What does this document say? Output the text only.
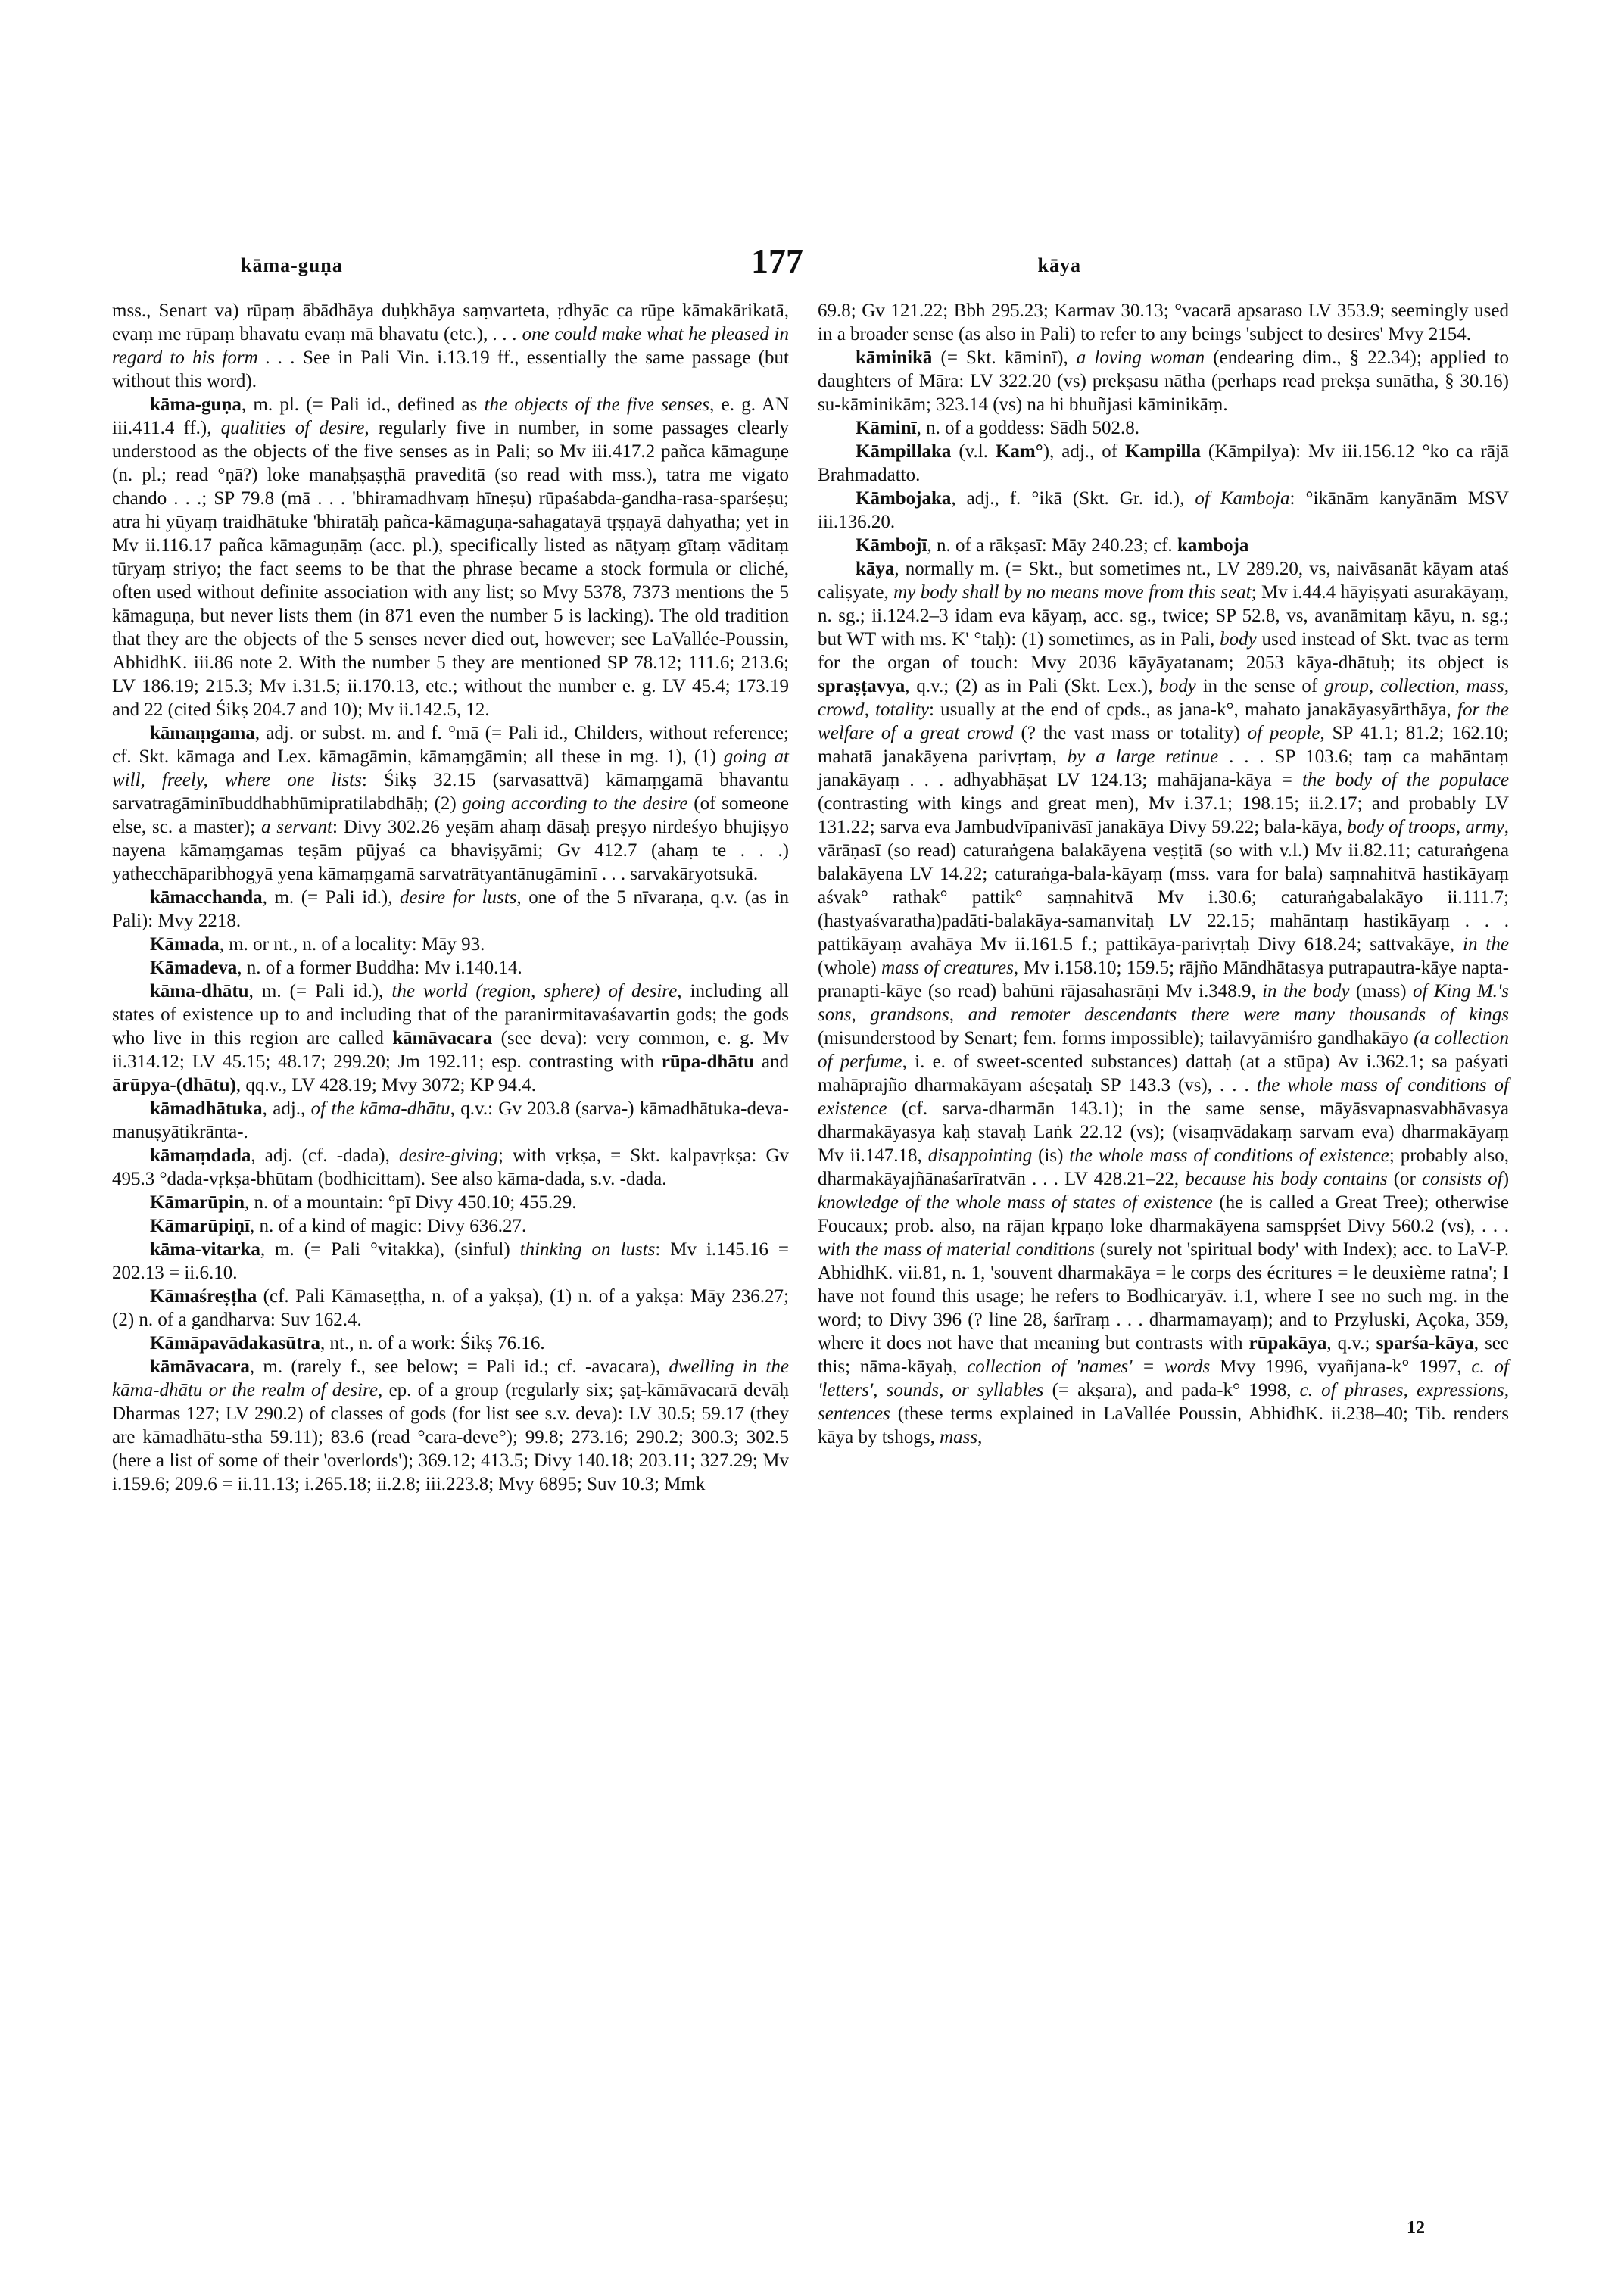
kāma-guṇa	177	kāya

mss., Senart va) rūpaṃ ābādhāya duḥkhāya saṃvarteta, ṛdhyāc ca rūpe kāmakārikatā, evaṃ me rūpaṃ bhavatu evaṃ mā bhavatu (etc.), . . . one could make what he pleased in regard to his form . . . See in Pali Vin. i.13.19 ff., essentially the same passage (but without this word).

kāma-guṇa, m. pl. (= Pali id., defined as the objects of the five senses, e. g. AN iii.411.4 ff.), qualities of desire, regularly five in number, in some passages clearly understood as the objects of the five senses as in Pali; so Mv iii.417.2 pañca kāmaguṇe (n. pl.; read °ṇā?) loke manaḥṣaṣṭhā praveditā (so read with mss.), tatra me vigato chando . . .; SP 79.8 (mā . . . 'bhiramadhvaṃ hīneṣu) rūpaśabda-gandha-rasa-sparśeṣu; atra hi yūyaṃ traidhātuke 'bhiratāḥ pañca-kāmaguṇa-sahagatayā tṛṣṇayā dahyatha; yet in Mv ii.116.17 pañca kāmaguṇāṃ (acc. pl.), specifically listed as nāṭyaṃ gītaṃ vāditaṃ tūryaṃ striyo; the fact seems to be that the phrase became a stock formula or cliché, often used without definite association with any list; so Mvy 5378, 7373 mentions the 5 kāmaguṇa, but never lists them (in 871 even the number 5 is lacking). The old tradition that they are the objects of the 5 senses never died out, however; see LaVallée-Poussin, AbhidhK. iii.86 note 2. With the number 5 they are mentioned SP 78.12; 111.6; 213.6; LV 186.19; 215.3; Mv i.31.5; ii.170.13, etc.; without the number e. g. LV 45.4; 173.19 and 22 (cited Śikṣ 204.7 and 10); Mv ii.142.5, 12.

kāmaṃgama, adj. or subst. m. and f. °mā (= Pali id., Childers, without reference; cf. Skt. kāmaga and Lex. kāmagāmin, kāmaṃgāmin; all these in mg. 1), (1) going at will, freely, where one lists: Śikṣ 32.15 (sarvasattvā) kāmaṃgamā bhavantu sarvatragāminībuddhabhūmipratilabdhāḥ; (2) going according to the desire (of someone else, sc. a master); a servant: Divy 302.26 yeṣām ahaṃ dāsaḥ preṣyo nirdeśyo bhujiṣyo nayena kāmaṃgamas teṣām pūjyaś ca bhaviṣyāmi; Gv 412.7 (ahaṃ te . . .) yathecchāparibhogyā yena kāmaṃgamā sarvatrātyantānugāminī . . . sarvakāryotsukā.

kāmacchanda, m. (= Pali id.), desire for lusts, one of the 5 nīvaraṇa, q.v. (as in Pali): Mvy 2218.

Kāmada, m. or nt., n. of a locality: Māy 93.

Kāmadeva, n. of a former Buddha: Mv i.140.14.

kāma-dhātu, m. (= Pali id.), the world (region, sphere) of desire, including all states of existence up to and including that of the paranirmitavaśavartin gods; the gods who live in this region are called kāmāvacara (see deva): very common, e. g. Mv ii.314.12; LV 45.15; 48.17; 299.20; Jm 192.11; esp. contrasting with rūpa-dhātu and ārūpya-(dhātu), qq.v., LV 428.19; Mvy 3072; KP 94.4.

kāmadhātuka, adj., of the kāma-dhātu, q.v.: Gv 203.8 (sarva-) kāmadhātuka-deva-manuṣyātikrānta-.

kāmaṃdada, adj. (cf. -dada), desire-giving; with vṛkṣa, = Skt. kalpavṛkṣa: Gv 495.3 °dada-vṛkṣa-bhūtam (bodhicittam). See also kāma-dada, s.v. -dada.

Kāmarūpin, n. of a mountain: °pī Divy 450.10; 455.29.

Kāmarūpiṇī, n. of a kind of magic: Divy 636.27.

kāma-vitarka, m. (= Pali °vitakka), (sinful) thinking on lusts: Mv i.145.16 = 202.13 = ii.6.10.

Kāmaśreṣṭha (cf. Pali Kāmaseṭṭha, n. of a yakṣa), (1) n. of a yakṣa: Māy 236.27; (2) n. of a gandharva: Suv 162.4.

Kāmāpavādakasūtra, nt., n. of a work: Śikṣ 76.16.

kāmāvacara, m. (rarely f., see below; = Pali id.; cf. -avacara), dwelling in the kāma-dhātu or the realm of desire, ep. of a group (regularly six; ṣaṭ-kāmāvacarā devāḥ Dharmas 127; LV 290.2) of classes of gods (for list see s.v. deva): LV 30.5; 59.17 (they are kāmadhātu-stha 59.11); 83.6 (read °cara-deve°); 99.8; 273.16; 290.2; 300.3; 302.5 (here a list of some of their 'overlords'); 369.12; 413.5; Divy 140.18; 203.11; 327.29; Mv i.159.6; 209.6 = ii.11.13; i.265.18; ii.2.8; iii.223.8; Mvy 6895; Suv 10.3; Mmk

69.8; Gv 121.22; Bbh 295.23; Karmav 30.13; °vacarā apsaraso LV 353.9; seemingly used in a broader sense (as also in Pali) to refer to any beings 'subject to desires' Mvy 2154.

kāminikā (= Skt. kāminī), a loving woman (endearing dim., § 22.34); applied to daughters of Māra: LV 322.20 (vs) prekṣasu nātha (perhaps read prekṣa sunātha, § 30.16) su-kāminikām; 323.14 (vs) na hi bhuñjasi kāminikāṃ.

Kāminī, n. of a goddess: Sādh 502.8.

Kāmpillaka (v.l. Kam°), adj., of Kampilla (Kāmpilya): Mv iii.156.12 °ko ca rājā Brahmadatto.

Kāmbojaka, adj., f. °ikā (Skt. Gr. id.), of Kamboja: °ikānām kanyānām MSV iii.136.20.

Kāmbojī, n. of a rākṣasī: Māy 240.23; cf. kamboja

kāya, normally m. (= Skt., but sometimes nt., LV 289.20, vs, naivāsanāt kāyam ataś caliṣyate, my body shall by no means move from this seat; Mv i.44.4 hāyiṣyati asurakāyaṃ, n. sg.; ii.124.2–3 idam eva kāyaṃ, acc. sg., twice; SP 52.8, vs, avanāmitaṃ kāyu, n. sg.; but WT with ms. K' °taḥ): (1) sometimes, as in Pali, body used instead of Skt. tvac as term for the organ of touch: Mvy 2036 kāyāyatanam; 2053 kāya-dhātuḥ; its object is spraṣṭavya, q.v.; (2) as in Pali (Skt. Lex.), body in the sense of group, collection, mass, crowd, totality: usually at the end of cpds., as jana-k°, mahato janakāyasyārthāya, for the welfare of a great crowd (? the vast mass or totality) of people, SP 41.1; 81.2; 162.10; mahatā janakāyena parivṛtaṃ, by a large retinue . . . SP 103.6; taṃ ca mahāntaṃ janakāyaṃ . . . adhyabhāṣat LV 124.13; mahājana-kāya = the body of the populace (contrasting with kings and great men), Mv i.37.1; 198.15; ii.2.17; and probably LV 131.22; sarva eva Jambudvīpanivāsī janakāya Divy 59.22; bala-kāya, body of troops, army, vārāṇasī (so read) caturaṅgena balakāyena veṣṭitā (so with v.l.) Mv ii.82.11; caturaṅgena balakāyena LV 14.22; caturaṅga-bala-kāyaṃ (mss. vara for bala) saṃnahitvā hastikāyaṃ aśvak° rathak° pattik° saṃnahitvā Mv i.30.6; caturaṅgabalakāyo ii.111.7; (hastyaśvaratha)padāti-balakāya-samanvitaḥ LV 22.15; mahāntaṃ hastikāyaṃ . . . pattikāyaṃ avahāya Mv ii.161.5 f.; pattikāya-parivṛtaḥ Divy 618.24; sattvakāye, in the (whole) mass of creatures, Mv i.158.10; 159.5; rājño Māndhātasya putrapautra-kāye napta-pranapti-kāye (so read) bahūni rājasahasrāṇi Mv i.348.9, in the body (mass) of King M.'s sons, grandsons, and remoter descendants there were many thousands of kings (misunderstood by Senart; fem. forms impossible); tailavyāmiśro gandhakāyo (a collection of perfume, i. e. of sweet-scented substances) dattaḥ (at a stūpa) Av i.362.1; sa paśyati mahāprajño dharmakāyam aśeṣataḥ SP 143.3 (vs), . . . the whole mass of conditions of existence (cf. sarva-dharmān 143.1); in the same sense, māyāsvapnasvabhāvasya dharmakāyasya kaḥ stavaḥ Laṅk 22.12 (vs); (visaṃvādakaṃ sarvam eva) dharmakāyaṃ Mv ii.147.18, disappointing (is) the whole mass of conditions of existence; probably also, dharmakāyajñānaśarīratvān . . . LV 428.21–22, because his body contains (or consists of) knowledge of the whole mass of states of existence (he is called a Great Tree); otherwise Foucaux; prob. also, na rājan kṛpaṇo loke dharmakāyena samspṛśet Divy 560.2 (vs), . . . with the mass of material conditions (surely not 'spiritual body' with Index); acc. to LaV-P. AbhidhK. vii.81, n. 1, 'souvent dharmakāya = le corps des écritures = le deuxième ratna'; I have not found this usage; he refers to Bodhicaryāv. i.1, where I see no such mg. in the word; to Divy 396 (? line 28, śarīraṃ . . . dharmamayaṃ); and to Przyluski, Açoka, 359, where it does not have that meaning but contrasts with rūpakāya, q.v.; sparśa-kāya, see this; nāma-kāyaḥ, collection of 'names' = words Mvy 1996, vyañjana-k° 1997, c. of 'letters', sounds, or syllables (= akṣara), and pada-k° 1998, c. of phrases, expressions, sentences (these terms explained in LaVallée Poussin, AbhidhK. ii.238–40; Tib. renders kāya by tshogs, mass,

12
